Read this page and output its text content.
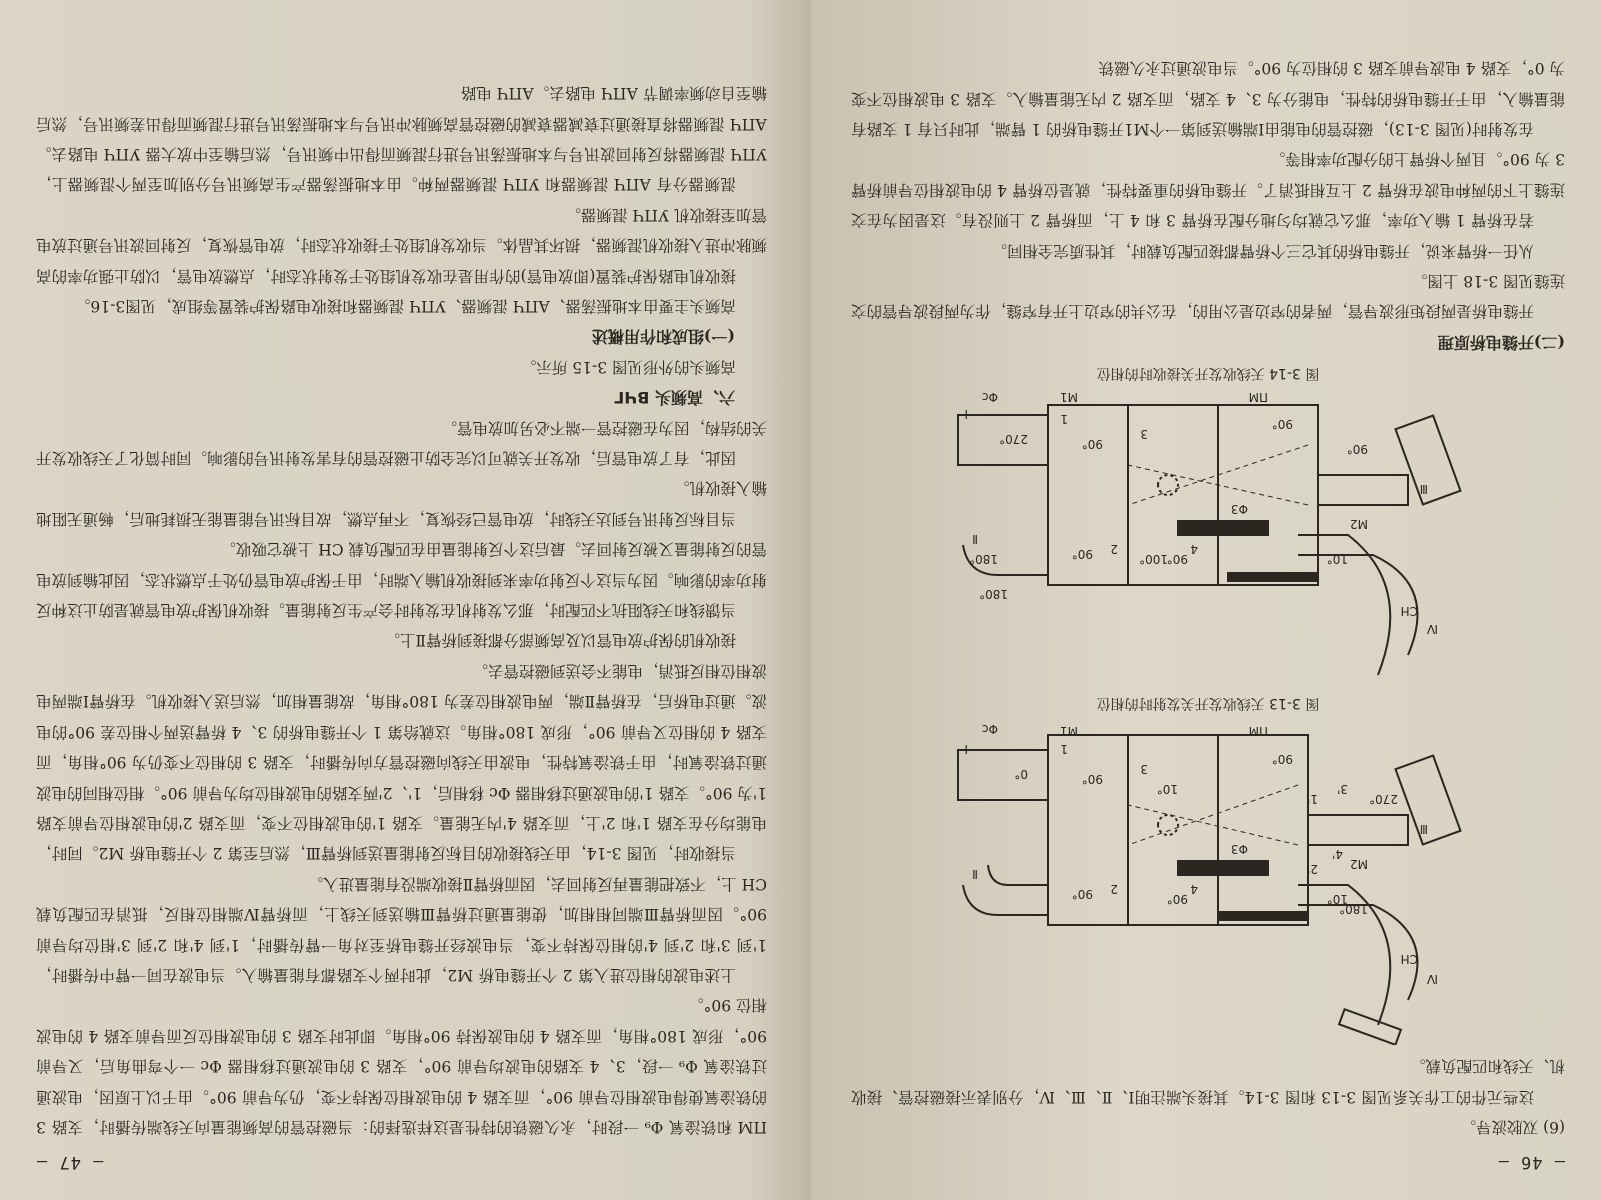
— 46 —

(6) 双胶波导。

这些元件的工作关系见图 3-13 和图 3-14。其接头端注明Ⅰ、Ⅱ、Ⅲ、Ⅳ，分别表示接磁控管、接收机、天线和匹配负载。

Ⅰ
Ⅱ
Ⅲ
Ⅳ
CH
M1
M2
ПМ
Φc
Φ3
1
2
3
4
1'
2'
3'
4'
0°	90°
90°	90°
10°
10°
180°
270°
90°
图 3-13 天线收发开关发射时的相位
Ⅰ
Ⅱ
Ⅲ
Ⅳ
CH
M1
M2
ПМ
Φc
Φ3
1
2
3
4
270°	90°
90°	90°
180°
180°
100°
90°
10°
90°
图 3-14 天线收发开关接收时的相位

(二)开缝电桥原理

开缝电桥是两段矩形波导管，两者的窄边是公用的，在公共的窄边上开有窄缝，作为两段波导管的交连缝见图 3-18 上图。

从任一桥臂来说，开缝电桥的其它三个桥臂都接匹配负载时，其性质完全相同。

若在桥臂 1 输入功率，那么它就均匀地分配在桥臂 3 和 4 上，而桥臂 2 上则没有。这是因为在交连缝上下的两种电波在桥臂 2 上互相抵消了。开缝电桥的重要特性，就是位桥臂 4 的电波相位导前桥臂 3 为 90°。且两个桥臂上的分配功率相等。

在发射时(见图 3-13)，磁控管的电能由Ⅰ端输送到第一个M1开缝电桥的 1 臂端，此时只有 1 支路有能量输入，由于开缝电桥的特性，电能分为 3、4 支路，而支路 2 内无能量输入。支路 3 电波相位不变为 0°，支路 4 电波导前支路 3 的相位为 90°。当电波通过永久磁铁

— 47 —

ПМ 和铁淦氧 Φ₉ 一段时，永久磁铁的特性是这样选择的：当磁控管的高频能量向天线端传播时，支路 3 的铁淦氧使得电波相位导前 90°，而支路 4 的电波相位保持不变，仍为导前 90°。由于以上原因，电波通过铁淦氧 Φ₉ 一段，3、4 支路的电波均导前 90°，支路 3 的电波通过移相器 Φc 一个弯曲角后，又导前 90°，形成 180°相角，而支路 4 的电波保持 90°相角。即此时支路 3 的电波相位反而导前支路 4 的电波相位 90°。

上述电波的相位进入第 2 个开缝电桥 M2，此时两个支路都有能量输入。当电波在同一臂中传播时，1'到 3'和 2'到 4'的相位保持不变，当电波经开缝电桥至对角一臂传播时，1'到 4'和 2'到 3'相位均导前 90°。因而桥臂Ⅲ端同相相加，使能量通过桥臂Ⅲ输送到天线上，而桥臂Ⅳ端相位相反，抵消在匹配负载 CH 上，不致把能量再反射回去，因而桥臂Ⅱ接收端没有能量进入。

当接收时，见图 3-14，由天线接收的目标反射能量送到桥臂Ⅲ，然后至第 2 个开缝电桥 M2。同时，电能均分在支路 1'和 2'上，而支路 4'内无能量。支路 1'的电波相位不变，而支路 2'的电波相位导前支路 1'为 90°。支路 1'的电波通过移相器 Φc 移相后，1'、2'两支路的电波相位均为导前 90°。相位相同的电波通过铁淦氧时，由于铁淦氧特性，电波由天线向磁控管方向传播时，支路 3 的相位不变仍为 90°相角，而支路 4 的相位又导前 90°，形成 180°相角。这就给第 1 个开缝电桥的 3、4 桥臂送两个相位差 90°的电波。通过电桥后，在桥臂Ⅱ端，两电波相位差为 180°相角，故能量相加，然后送入接收机。在桥臂Ⅰ端两电波相位相反抵消，电能不会送到磁控管去。

接收机的保护放电管以及高频部分都接到桥臂Ⅱ上。

当馈线和天线阻抗不匹配时，那么发射机在发射时会产生反射能量。接收机保护放电管就是防止这种反射功率的影响。因为当这个反射功率来到接收机输入端时，由于保护放电管仍处于点燃状态，因此输到放电管的反射能量又被反射回去。最后这个反射能量由在匹配负载 CH 上被它吸收。

当目标反射讯号到达天线时，放电管已经恢复，不再点燃，故目标讯号能量能无损耗地后，畅通无阻地输入接收机。

因此，有了放电管后，收发开关就可以完全防止磁控管的有害发射讯号的影响。同时简化了天线收发开关的结构，因为在磁控管一端不必另加放电管。

六、高频头 ВЧГ

高频头的外形见图 3-15 所示。

(一)组成和作用概述

高频头主要由本地振荡器、АПЧ 混频器、УПЧ 混频器和接收电路保护装置等组成，见图3-16。

接收机电路保护装置(即放电管)的作用是在收发机组处于发射状态时，点燃放电管，以防止强功率的高频脉冲进入接收机混频器，损坏其晶体。当收发机组处于接收状态时，放电管恢复，反射回波讯号通过放电管加至接收机 УПЧ 混频器。

混频器分有 АПЧ 混频器和 УПЧ 混频器两种。由本地振荡器产生高频讯号分别加至两个混频器上，УПЧ 混频器将反射回波讯号与本地振荡讯号进行混频而得出中频讯号，然后输至中放大器 УПЧ 电路去。АПЧ 混频器将直接通过衰减器衰减的磁控管高频脉冲讯号与本地振荡讯号进行混频而得出差频讯号，然后输至自动频率调节 АПЧ 电路去。АПЧ 电路
